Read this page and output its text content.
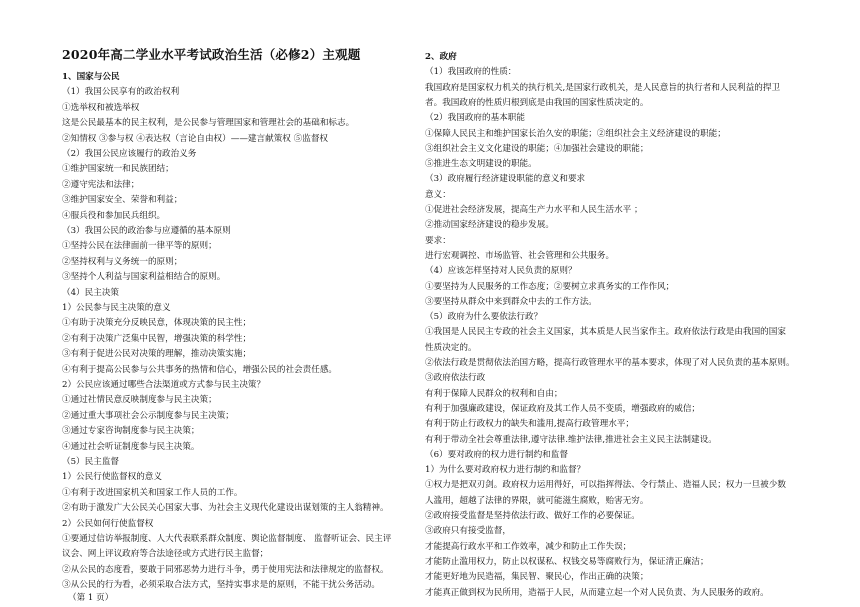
2020年高二学业水平考试政治生活（必修2）主观题
1、国家与公民
（1）我国公民享有的政治权利
①选举权和被选举权
这是公民最基本的民主权利，是公民参与管理国家和管理社会的基础和标志。
②知情权 ③参与权 ④表达权（言论自由权）——建言献策权 ⑤监督权
（2）我国公民应该履行的政治义务
①维护国家统一和民族团结；
②遵守宪法和法律；
③维护国家安全、荣誉和利益；
④服兵役和参加民兵组织。
（3）我国公民的政治参与应遵循的基本原则
①坚持公民在法律面前一律平等的原则；
②坚持权利与义务统一的原则；
③坚持个人利益与国家利益相结合的原则。
（4）民主决策
1）公民参与民主决策的意义
①有助于决策充分反映民意，体现决策的民主性；
②有利于决策广泛集中民智，增强决策的科学性；
③有利于促进公民对决策的理解，推动决策实施；
④有利于提高公民参与公共事务的热情和信心，增强公民的社会责任感。
2）公民应该通过哪些合法渠道或方式参与民主决策？
①通过社情民意反映制度参与民主决策；
②通过重大事项社会公示制度参与民主决策；
③通过专家咨询制度参与民主决策；
④通过社会听证制度参与民主决策。
（5）民主监督
1）公民行使监督权的意义
①有利于改进国家机关和国家工作人员的工作。
②有助于激发广大公民关心国家大事、为社会主义现代化建设出谋划策的主人翁精神。
2）公民如何行使监督权
①要通过信访举报制度、人大代表联系群众制度、舆论监督制度、 监督听证会、民主评
议会、网上评议政府等合法途径或方式进行民主监督；
②从公民的态度看，要敢于同邪恶势力进行斗争，勇于使用宪法和法律规定的监督权。
③从公民的行为看，必须采取合法方式，坚持实事求是的原则，不能干扰公务活动。
2、政府
（1）我国政府的性质：
我国政府是国家权力机关的执行机关,是国家行政机关，是人民意旨的执行者和人民利益的捍卫
者。我国政府的性质归根到底是由我国的国家性质决定的。
（2）我国政府的基本职能
①保障人民民主和维护国家长治久安的职能；②组织社会主义经济建设的职能；
③组织社会主义文化建设的职能；④加强社会建设的职能；
⑤推进生态文明建设的职能。
（3）政府履行经济建设职能的意义和要求
意义：
①促进社会经济发展，提高生产力水平和人民生活水平 ；
②推动国家经济建设的稳步发展。
要求：
进行宏观调控、市场监管、社会管理和公共服务。
（4）应该怎样坚持对人民负责的原则？
①要坚持为人民服务的工作态度；②要树立求真务实的工作作风；
③要坚持从群众中来到群众中去的工作方法。
（5）政府为什么要依法行政？
①我国是人民民主专政的社会主义国家，其本质是人民当家作主。政府依法行政是由我国的国家
性质决定的。
②依法行政是贯彻依法治国方略，提高行政管理水平的基本要求，体现了对人民负责的基本原则。
③政府依法行政
有利于保障人民群众的权利和自由；
有利于加强廉政建设，保证政府及其工作人员不变质，增强政府的威信；
有利于防止行政权力的缺失和滥用,提高行政管理水平；
有利于带动全社会尊重法律,遵守法律.维护法律,推进社会主义民主法制建设。
（6）要对政府的权力进行制约和监督
1）为什么要对政府权力进行制约和监督？
①权力是把双刃剑。政府权力运用得好，可以指挥得法、令行禁止、造福人民；权力一旦被少数
人滥用，超越了法律的界限，就可能滋生腐败，贻害无穷。
②政府接受监督是坚持依法行政、做好工作的必要保证。
③政府只有接受监督，
才能提高行政水平和工作效率，减少和防止工作失误；
才能防止滥用权力，防止以权谋私、权钱交易等腐败行为，保证清正廉洁；
才能更好地为民造福，集民智、聚民心，作出正确的决策；
才能真正做到权为民所用，造福于人民，从而建立起一个对人民负责、为人民服务的政府。
（第 1 页）
